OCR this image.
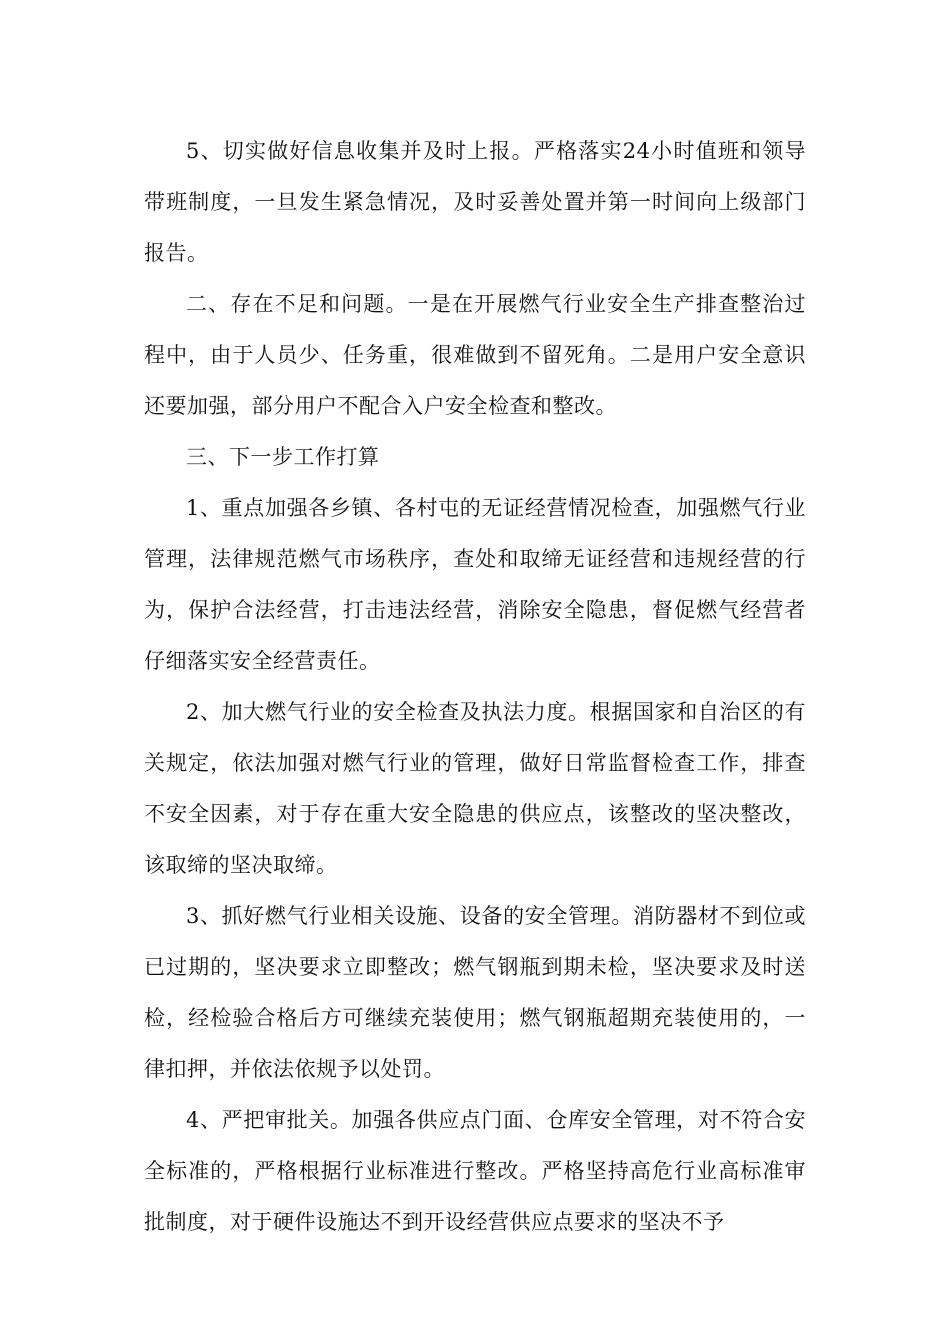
5、切实做好信息收集并及时上报。严格落实24小时值班和领导带班制度，一旦发生紧急情况，及时妥善处置并第一时间向上级部门报告。

二、存在不足和问题。一是在开展燃气行业安全生产排查整治过程中，由于人员少、任务重，很难做到不留死角。二是用户安全意识还要加强，部分用户不配合入户安全检查和整改。

三、下一步工作打算

1、重点加强各乡镇、各村屯的无证经营情况检查，加强燃气行业管理，法律规范燃气市场秩序，查处和取缔无证经营和违规经营的行为，保护合法经营，打击违法经营，消除安全隐患，督促燃气经营者仔细落实安全经营责任。

2、加大燃气行业的安全检查及执法力度。根据国家和自治区的有关规定，依法加强对燃气行业的管理，做好日常监督检查工作，排查不安全因素，对于存在重大安全隐患的供应点，该整改的坚决整改，该取缔的坚决取缔。

3、抓好燃气行业相关设施、设备的安全管理。消防器材不到位或已过期的，坚决要求立即整改；燃气钢瓶到期未检，坚决要求及时送检，经检验合格后方可继续充装使用；燃气钢瓶超期充装使用的，一律扣押，并依法依规予以处罚。

4、严把审批关。加强各供应点门面、仓库安全管理，对不符合安全标准的，严格根据行业标准进行整改。严格坚持高危行业高标准审批制度，对于硬件设施达不到开设经营供应点要求的坚决不予
